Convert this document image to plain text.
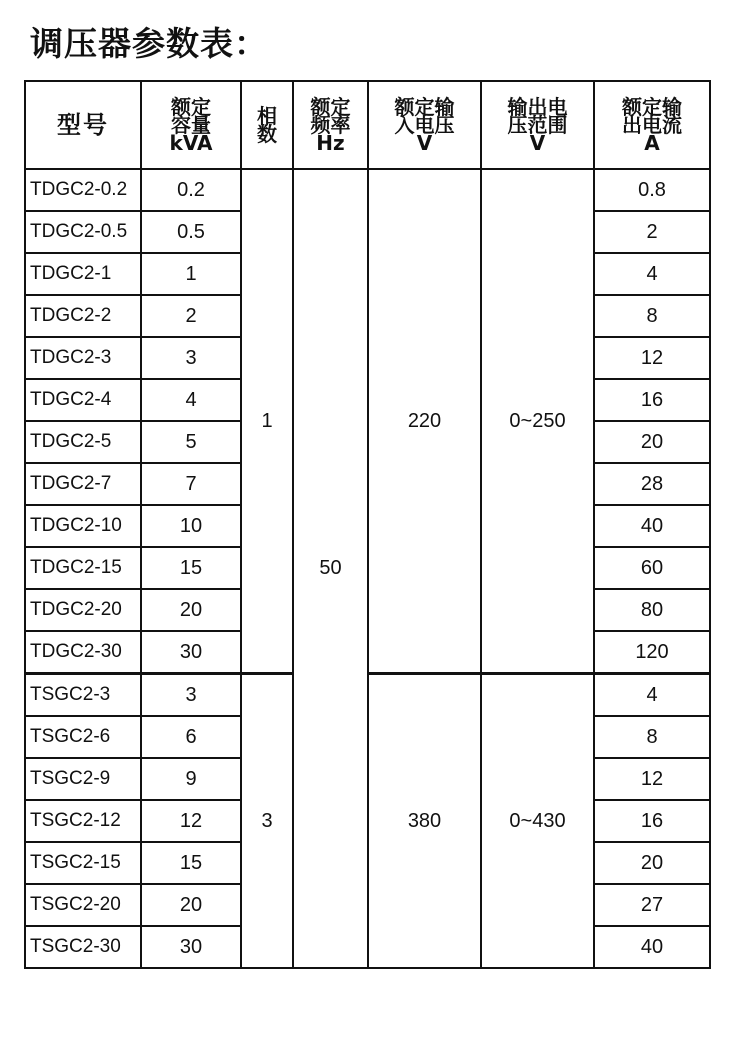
调压器参数表：
型号	额定
容量
kVA	相
数	额定
频率
Hz	额定输
入电压
V	输出电
压范围
V	额定输
出电流
A

TDGC2-0.2	0.2	1	50	220	0~250	0.8
TDGC2-0.5	0.5					2
TDGC2-1	1					4
TDGC2-2	2					8
TDGC2-3	3					12
TDGC2-4	4					16
TDGC2-5	5					20
TDGC2-7	7					28
TDGC2-10	10					40
TDGC2-15	15					60
TDGC2-20	20					80
TDGC2-30	30					120
TSGC2-3	3	3		380	0~430	4
TSGC2-6	6					8
TSGC2-9	9					12
TSGC2-12	12					16
TSGC2-15	15					20
TSGC2-20	20					27
TSGC2-30	30					40
